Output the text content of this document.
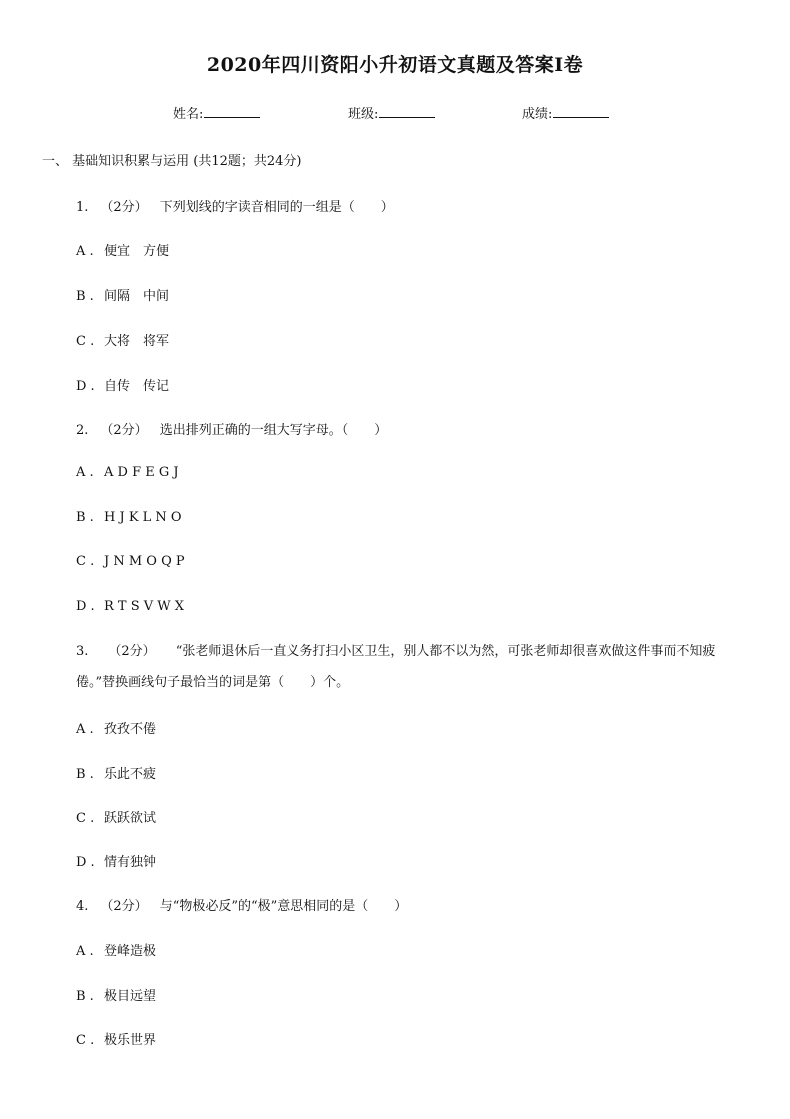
2020年四川资阳小升初语文真题及答案Ⅰ卷
姓名:	班级:	成绩:
一、 基础知识积累与运用 (共12题；共24分)
1. （2分） 下列划线的字读音相同的一组是（　　）
A . 便宜　方便
B . 间隔　中间
C . 大将　将军
D . 自传　传记
2. （2分） 选出排列正确的一组大写字母。（　　）
A . A D F E G J
B . H J K L N O
C . J N M O Q P
D . R T S V W X
3. （2分） “张老师退休后一直义务打扫小区卫生，别人都不以为然，可张老师却很喜欢做这件事而不知疲倦。”替换画线句子最恰当的词是第（　　）个。
A . 孜孜不倦
B . 乐此不疲
C . 跃跃欲试
D . 情有独钟
4. （2分） 与“物极必反”的“极”意思相同的是（　　）
A . 登峰造极
B . 极目远望
C . 极乐世界
